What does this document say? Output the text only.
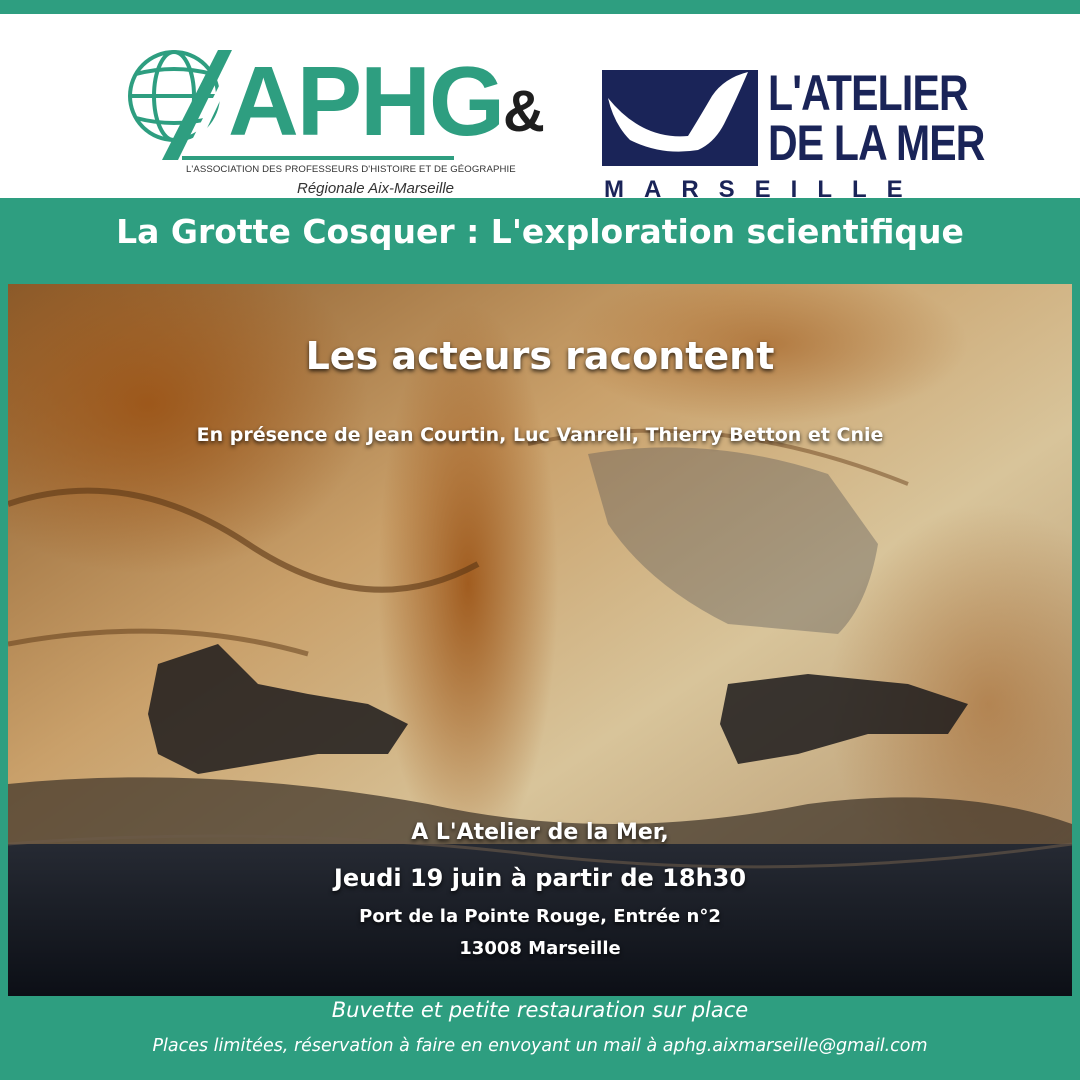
APHG
L'ASSOCIATION DES PROFESSEURS D'HISTOIRE ET DE GÉOGRAPHIE
Régionale Aix-Marseille
&	L'ATELIER
DE LA MER
MARSEILLE
La Grotte Cosquer : L'exploration scientifique
Les acteurs racontent
En présence de Jean Courtin, Luc Vanrell, Thierry Betton et Cnie
A L'Atelier de la Mer,
Jeudi 19 juin à partir de 18h30
Port de la Pointe Rouge, Entrée n°2
13008 Marseille
Buvette et petite restauration sur place
Places limitées, réservation à faire en envoyant un mail à aphg.aixmarseille@gmail.com
